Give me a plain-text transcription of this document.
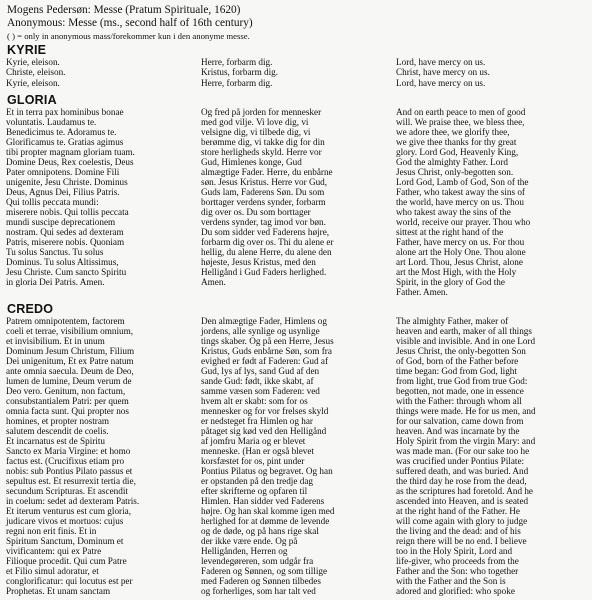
Mogens Pedersøn: Messe (Pratum Spirituale, 1620)
Anonymous: Messe (ms., second half of 16th century)
( ) = only in anonymous mass/forekommer kun i den anonyme messe.
KYRIE
Kyrie, eleison.
Christe, eleison.
Kyrie, eleison.
Herre, forbarm dig.
Kristus, forbarm dig.
Herre, forbarm dig.
Lord, have mercy on us.
Christ, have mercy on us.
Lord, have mercy on us.
GLORIA
Et in terra pax hominibus bonae
voluntatis. Laudamus te.
Benedicimus te. Adoramus te.
Glorificamus te. Gratias agimus
tibi propter magnam gloriam tuam.
Domine Deus, Rex coelestis, Deus
Pater omnipotens. Domine Fili
unigenite, Jesu Christe. Dominus
Deus, Agnus Dei, Filius Patris.
Qui tollis peccata mundi:
miserere nobis. Qui tollis peccata
mundi suscipe deprecationem
nostram. Qui sedes ad dexteram
Patris, miserere nobis. Quoniam
Tu solus Sanctus. Tu solus
Dominus. Tu solus Altissimus,
Jesu Christe. Cum sancto Spiritu
in gloria Dei Patris. Amen.
Og fred på jorden for mennesker
med god vilje. Vi love dig, vi
velsigne dig, vi tilbede dig, vi
berømme dig, vi takke dig for din
store herligheds skyld. Herre vor
Gud, Himlenes konge, Gud
almægtige Fader. Herre, du enbårne
søn. Jesus Kristus. Herre vor Gud,
Guds lam, Faderens Søn. Du som
borttager verdens synder, forbarm
dig over os. Du som borttager
verdens synder, tag imod vor bøn.
Du som sidder ved Faderens højre,
forbarm dig over os. Thi du alene er
hellig, du alene Herre, du alene den
højeste, Jesus Kristus, med den
Helligånd i Gud Faders herlighed.
Amen.
And on earth peace to men of good
will. We praise thee, we bless thee,
we adore thee, we glorify thee,
we give thee thanks for thy great
glory. Lord God, Heavenly King,
God the almighty Father. Lord
Jesus Christ, only-begotten son.
Lord God, Lamb of God, Son of the
Father, who takest away the sins of
the world, have mercy on us. Thou
who takest away the sins of the
world, receive our prayer. Thou who
sittest at the right hand of the
Father, have mercy on us. For thou
alone art the Holy One. Thou alone
art Lord. Thou, Jesus Christ, alone
art the Most High, with the Holy
Spirit, in the glory of God the
Father. Amen.
CREDO
Patrem omnipotentem, factorem
coeli et terrae, visibilium omnium,
et invisibilium. Et in unum
Dominum Jesum Christum, Filium
Dei unigenitum, Et ex Patre natum
ante omnia saecula. Deum de Deo,
lumen de lumine, Deum verum de
Deo vero. Genitum, non factum,
consubstantialem Patri: per quem
omnia facta sunt. Qui propter nos
homines, et propter nostram
salutem descendit de coelis.
Et incarnatus est de Spiritu
Sancto ex Maria Virgine: et homo
factus est. (Crucifixus etiam pro
nobis: sub Pontius Pilato passus et
sepultus est. Et resurrexit tertia die,
secundum Scripturas. Et ascendit
in coelum: sedet ad dexteram Patris.
Et iterum venturus est cum gloria,
judicare vivos et mortuos: cujus
regni non erit finis. Et in
Spiritum Sanctum, Dominum et
vivificantem: qui ex Patre
Filioque procedit. Qui cum Patre
et Filio simul adoratur, et
conglorificatur: qui locutus est per
Prophetas. Et unam sanctam
Den almægtige Fader, Himlens og
jordens, alle synlige og usynlige
tings skaber. Og på een Herre, Jesus
Kristus, Guds enbårne Søn, som fra
evighed er født af Faderen: Gud af
Gud, lys af lys, sand Gud af den
sande Gud: født, ikke skabt, af
samme væsen som Faderen: ved
hvem alt er skabt: som for os
mennesker og for vor frelses skyld
er nedsteget fra Himlen og har
påtaget sig kød ved den Helligånd
af jomfru Maria og er blevet
menneske. (Han er også blevet
korsfæstet for os, pint under
Pontius Pilatus og begravet. Og han
er opstanden på den tredje dag
efter skrifterne og opfaren til
Himlen. Han sidder ved Faderens
højre. Og han skal komme igen med
herlighed for at dømme de levende
og de døde, og på hans rige skal
der ikke være ende. Og på
Helligånden, Herren og
levendegøreren, som udgår fra
Faderen og Sønnen, og som tillige
med Faderen og Sønnen tilbedes
og forherliges, som har talt ved
The almighty Father, maker of
heaven and earth, maker of all things
visible and invisible. And in one Lord
Jesus Christ, the only-begotten Son
of God, born of the Father before
time began: God from God, light
from light, true God from true God:
begotten, not made, one in essence
with the Father: through whom all
things were made. He for us men, and
for our salvation, came down from
heaven. And was incarnate by the
Holy Spirit from the virgin Mary: and
was made man. (For our sake too he
was crucified under Pontius Pilate:
suffered death, and was buried. And
the third day he rose from the dead,
as the scriptures had foretold. And he
ascended into Heaven, and is seated
at the right hand of the Father. He
will come again with glory to judge
the living and the dead: and of his
reign there will be no end. I believe
too in the Holy Spirit, Lord and
life-giver, who proceeds from the
Father and the Son: who together
with the Father and the Son is
adored and glorified: who spoke
